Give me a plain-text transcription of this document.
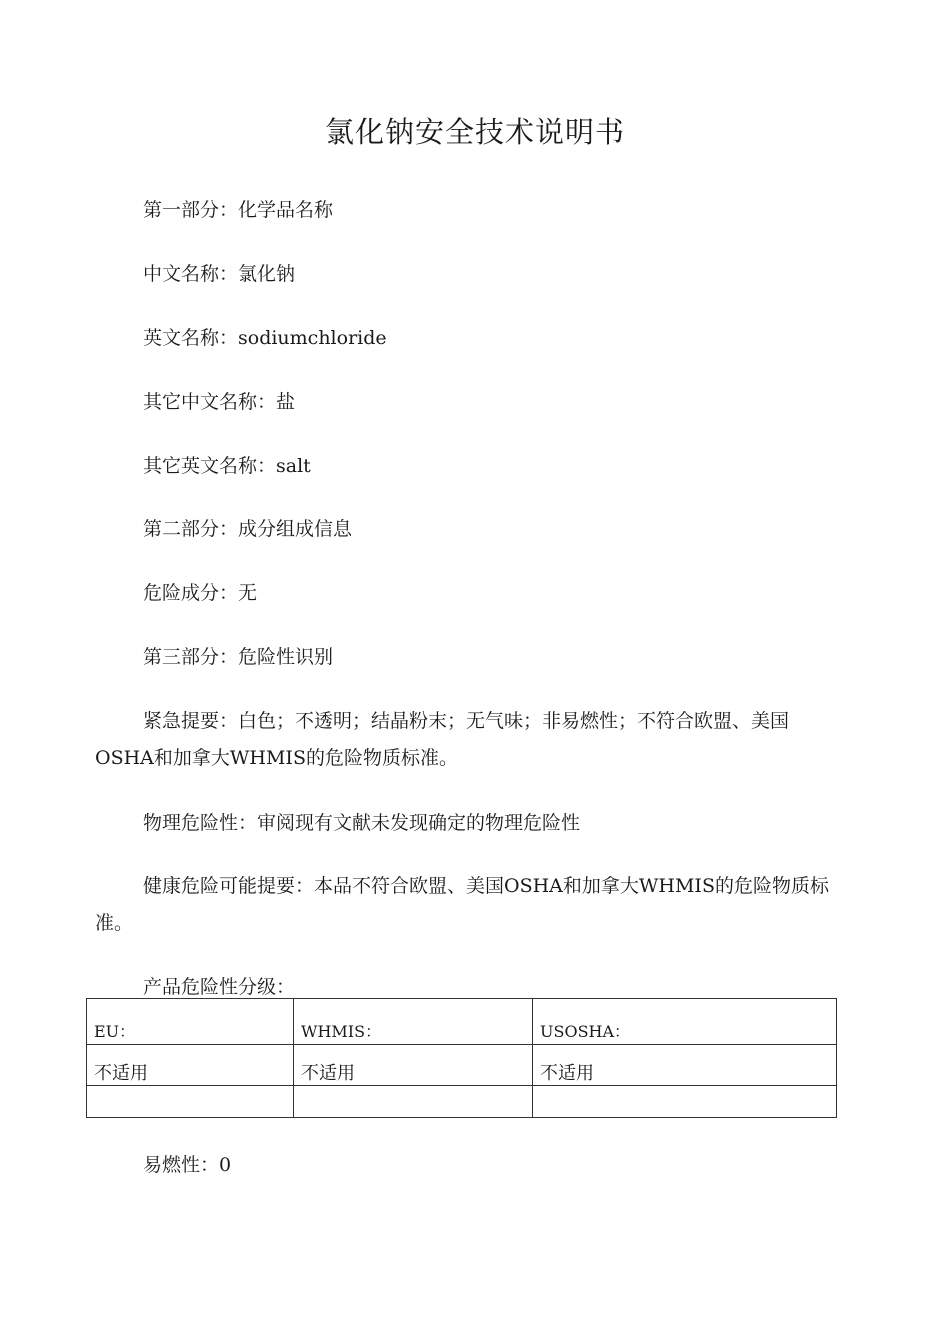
氯化钠安全技术说明书
第一部分：化学品名称
中文名称：氯化钠
英文名称：sodiumchloride
其它中文名称：盐
其它英文名称：salt
第二部分：成分组成信息
危险成分：无
第三部分：危险性识别
紧急提要：白色；不透明；结晶粉末；无气味；非易燃性；不符合欧盟、美国OSHA和加拿大WHMIS的危险物质标准。
物理危险性：审阅现有文献未发现确定的物理危险性
健康危险可能提要：本品不符合欧盟、美国OSHA和加拿大WHMIS的危险物质标准。
产品危险性分级：
EU：	WHMIS：	USOSHA：
不适用	不适用	不适用

易燃性：0
